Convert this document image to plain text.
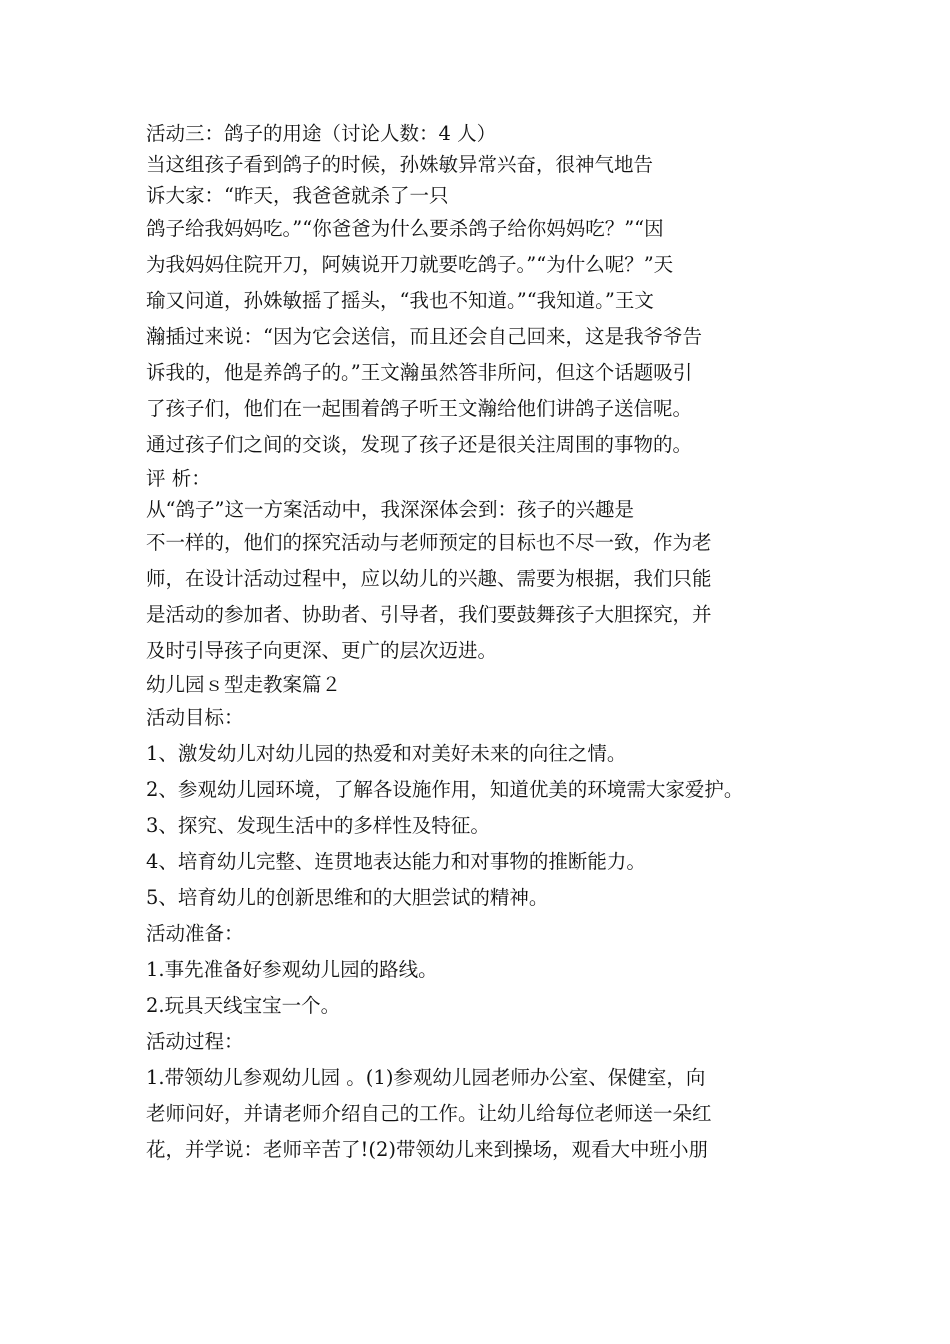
活动三：鸽子的用途（讨论人数：4 人）
当这组孩子看到鸽子的时候，孙姝敏异常兴奋，很神气地告
诉大家：“昨天，我爸爸就杀了一只
鸽子给我妈妈吃。”“你爸爸为什么要杀鸽子给你妈妈吃？”“因
为我妈妈住院开刀，阿姨说开刀就要吃鸽子。”“为什么呢？”天
瑜又问道，孙姝敏摇了摇头，“我也不知道。”“我知道。”王文
瀚插过来说：“因为它会送信，而且还会自己回来，这是我爷爷告
诉我的，他是养鸽子的。”王文瀚虽然答非所问，但这个话题吸引
了孩子们，他们在一起围着鸽子听王文瀚给他们讲鸽子送信呢。
通过孩子们之间的交谈，发现了孩子还是很关注周围的事物的。
评 析：
从“鸽子”这一方案活动中，我深深体会到：孩子的兴趣是
不一样的，他们的探究活动与老师预定的目标也不尽一致，作为老
师，在设计活动过程中，应以幼儿的兴趣、需要为根据，我们只能
是活动的参加者、协助者、引导者，我们要鼓舞孩子大胆探究，并
及时引导孩子向更深、更广的层次迈进。
幼儿园ｓ型走教案篇２
活动目标：
1、激发幼儿对幼儿园的热爱和对美好未来的向往之情。
2、参观幼儿园环境，了解各设施作用，知道优美的环境需大家爱护。
3、探究、发现生活中的多样性及特征。
4、培育幼儿完整、连贯地表达能力和对事物的推断能力。
5、培育幼儿的创新思维和的大胆尝试的精神。
活动准备：
1.事先准备好参观幼儿园的路线。
2.玩具天线宝宝一个。
活动过程：
1.带领幼儿参观幼儿园 。(1)参观幼儿园老师办公室、保健室，向
老师问好，并请老师介绍自己的工作。让幼儿给每位老师送一朵红
花，并学说：老师辛苦了!(2)带领幼儿来到操场，观看大中班小朋
